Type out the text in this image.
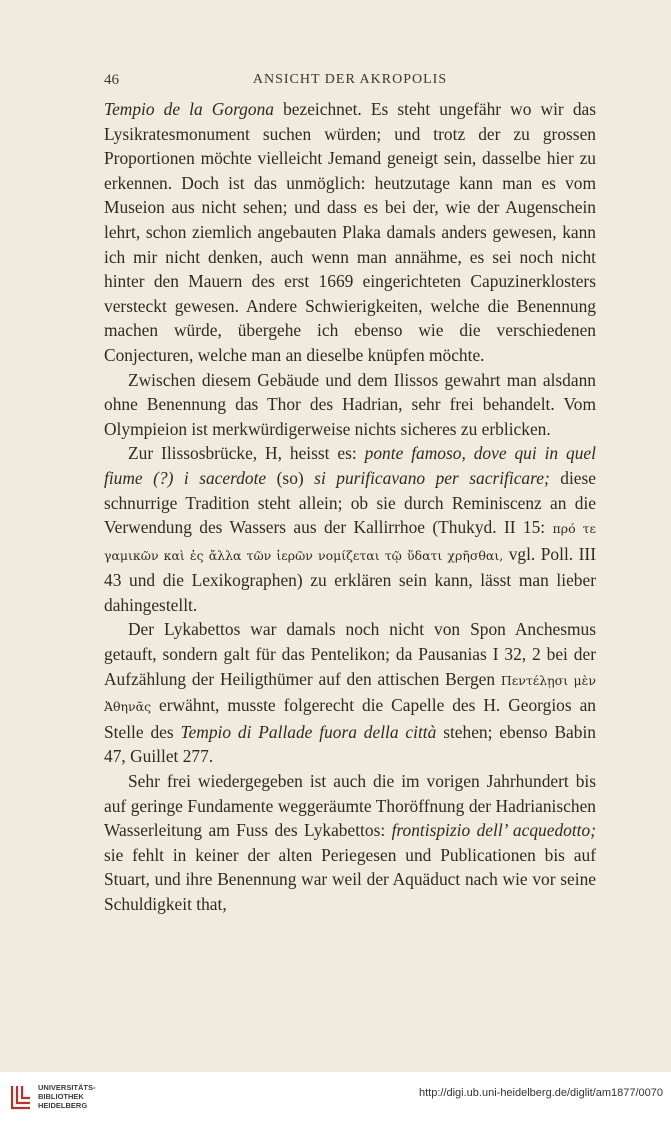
46	ANSICHT DER AKROPOLIS

Tempio de la Gorgona bezeichnet. Es steht ungefähr wo wir das Lysikratesmonument suchen würden; und trotz der zu grossen Proportionen möchte vielleicht Jemand geneigt sein, dasselbe hier zu erkennen. Doch ist das unmöglich: heutzutage kann man es vom Museion aus nicht sehen; und dass es bei der, wie der Augenschein lehrt, schon ziemlich angebauten Plaka damals anders gewesen, kann ich mir nicht denken, auch wenn man annähme, es sei noch nicht hinter den Mauern des erst 1669 eingerichteten Capuzinerklosters versteckt gewesen. Andere Schwierigkeiten, welche die Benennung machen würde, übergehe ich ebenso wie die verschiedenen Conjecturen, welche man an dieselbe knüpfen möchte.

Zwischen diesem Gebäude und dem Ilissos gewahrt man alsdann ohne Benennung das Thor des Hadrian, sehr frei behandelt. Vom Olympieion ist merkwürdigerweise nichts sicheres zu erblicken.

Zur Ilissosbrücke, H, heisst es: ponte famoso, dove qui in quel fiume (?) i sacerdote (so) si purificavano per sacrificare; diese schnurrige Tradition steht allein; ob sie durch Reminiscenz an die Verwendung des Wassers aus der Kallirrhoe (Thukyd. II 15: πρό τε γαμικῶν καὶ ἐς ἄλλα τῶν ἱερῶν νομίζεται τῷ ὕδατι χρῆσθαι, vgl. Poll. III 43 und die Lexikographen) zu erklären sein kann, lässt man lieber dahingestellt.

Der Lykabettos war damals noch nicht von Spon Anchesmus getauft, sondern galt für das Pentelikon; da Pausanias I 32, 2 bei der Aufzählung der Heiligthümer auf den attischen Bergen Πεντέλῃσι μὲν Ἀθηνᾶς erwähnt, musste folgerecht die Capelle des H. Georgios an Stelle des Tempio di Pallade fuora della città stehen; ebenso Babin 47, Guillet 277.

Sehr frei wiedergegeben ist auch die im vorigen Jahrhundert bis auf geringe Fundamente weggeräumte Thoröffnung der Hadrianischen Wasserleitung am Fuss des Lykabettos: frontispizio dell’ acquedotto; sie fehlt in keiner der alten Periegesen und Publicationen bis auf Stuart, und ihre Benennung war weil der Aquäduct nach wie vor seine Schuldigkeit that,

UNIVERSITÄTS-
BIBLIOTHEK
HEIDELBERG
http://digi.ub.uni-heidelberg.de/diglit/am1877/0070
